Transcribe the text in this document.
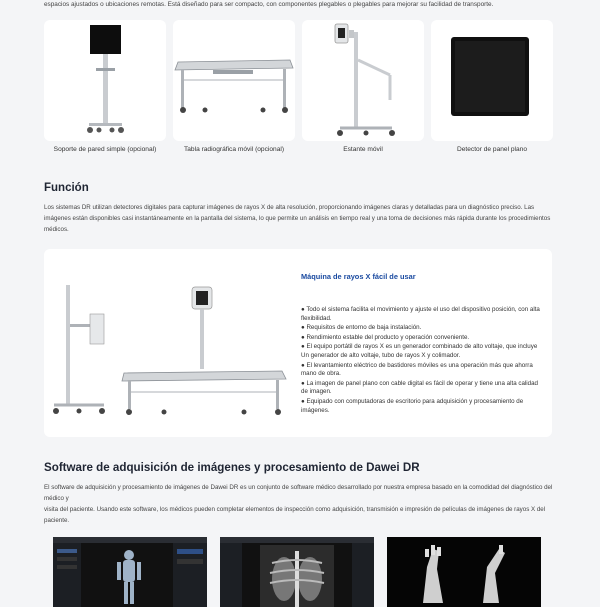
espacios ajustados o ubicaciones remotas. Está diseñado para ser compacto, con componentes plegables o plegables para mejorar su facilidad de transporte.
Soporte de pared simple (opcional)	Tabla radiográfica móvil (opcional)	Estante móvil	Detector de panel plano
Función
Los sistemas DR utilizan detectores digitales para capturar imágenes de rayos X de alta resolución, proporcionando imágenes claras y detalladas para un diagnóstico preciso. Las imágenes están disponibles casi instantáneamente en la pantalla del sistema, lo que permite un análisis en tiempo real y una toma de decisiones más rápida durante los procedimientos médicos.
Máquina de rayos X fácil de usar
● Todo el sistema facilita el movimiento y ajuste el uso del dispositivo posición, con alta flexibilidad.
● Requisitos de entorno de baja instalación.
● Rendimiento estable del producto y operación conveniente.
● El equipo portátil de rayos X es un generador combinado de alto voltaje, que incluye Un generador de alto voltaje, tubo de rayos X y colimador.
● El levantamiento eléctrico de bastidores móviles es una operación más que ahorra mano de obra.
● La imagen de panel plano con cable digital es fácil de operar y tiene una alta calidad de imagen.
● Equipado con computadoras de escritorio para adquisición y procesamiento de imágenes.
Software de adquisición de imágenes y procesamiento de Dawei DR
El software de adquisición y procesamiento de imágenes de Dawei DR es un conjunto de software médico desarrollado por nuestra empresa basado en la comodidad del diagnóstico del médico y
visita del paciente. Usando este software, los médicos pueden completar elementos de inspección como adquisición, transmisión e impresión de películas de imágenes de rayos X del paciente.
